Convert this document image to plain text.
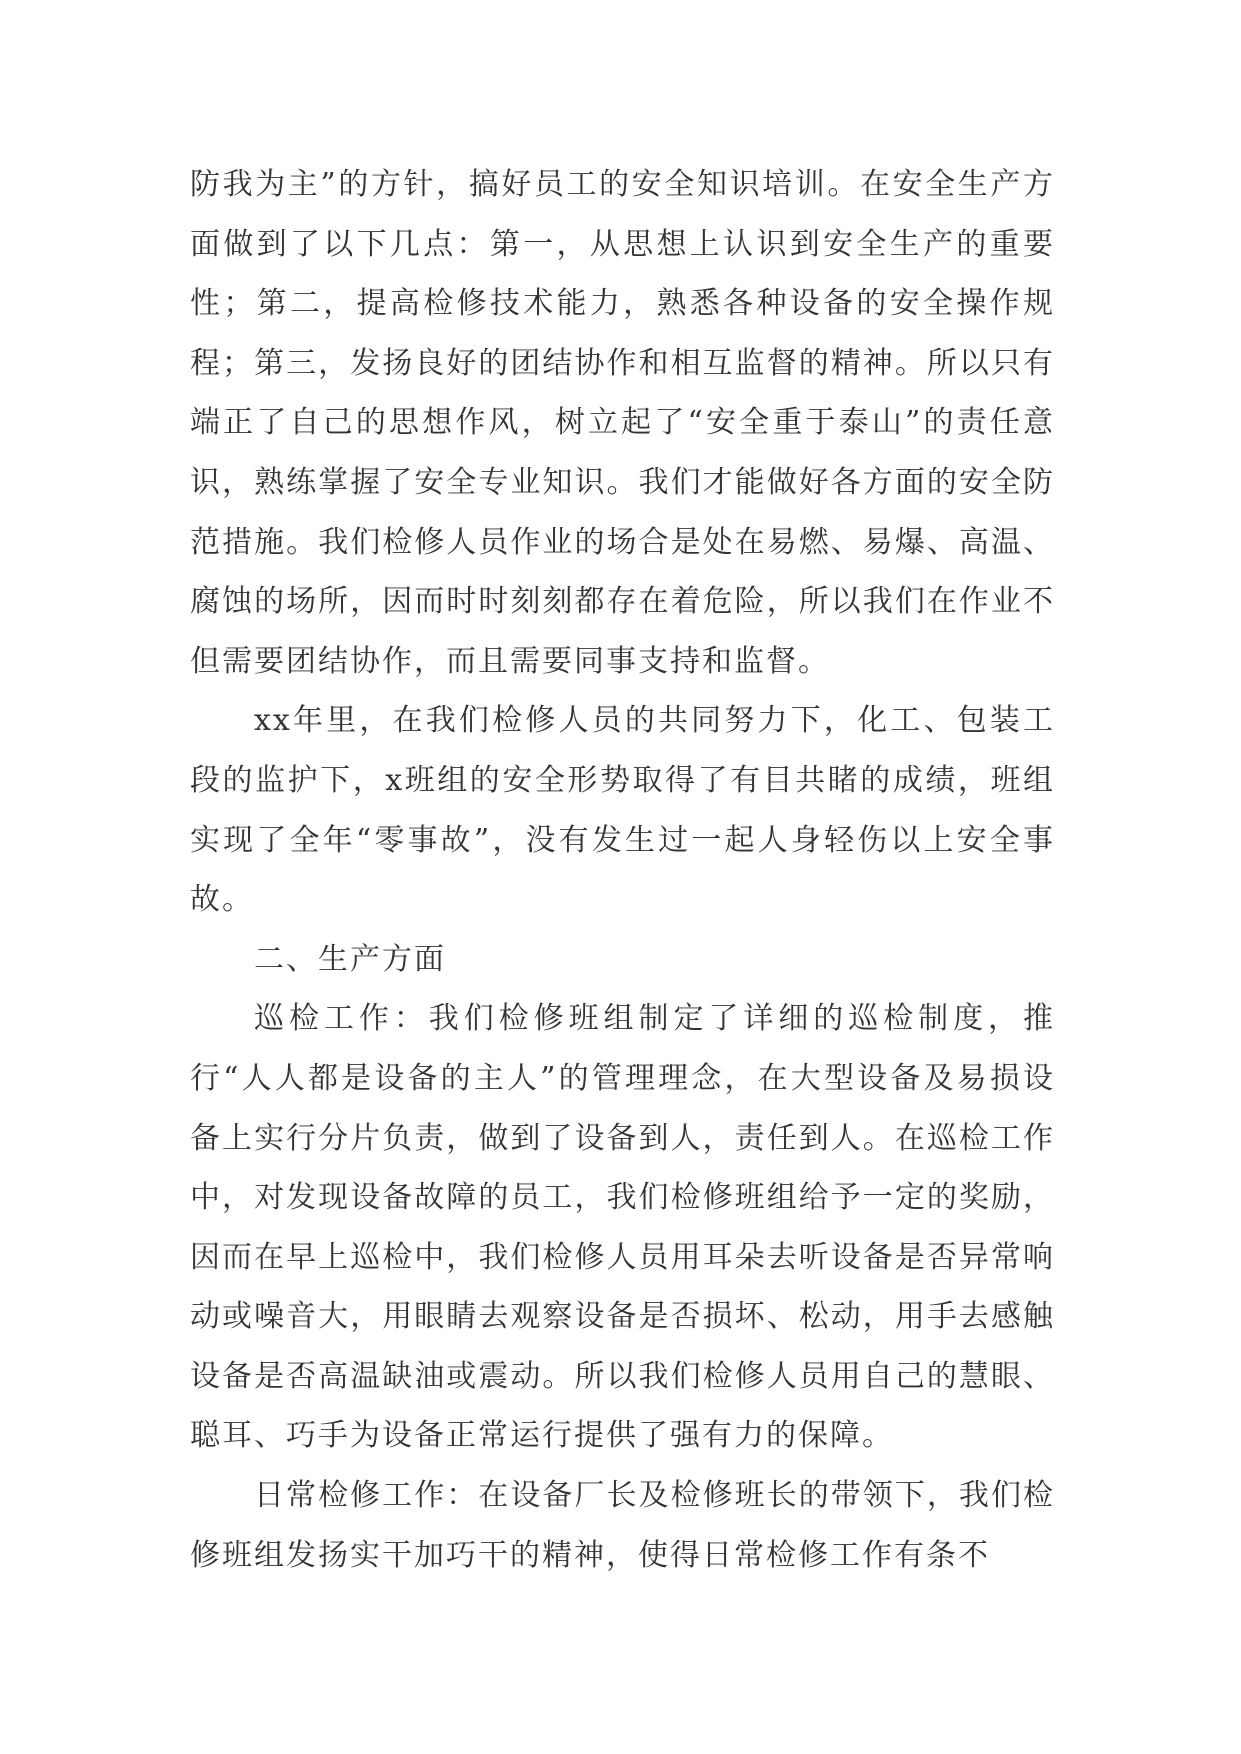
防我为主”的方针，搞好员工的安全知识培训。在安全生产方面做到了以下几点：第一，从思想上认识到安全生产的重要性；第二，提高检修技术能力，熟悉各种设备的安全操作规程；第三，发扬良好的团结协作和相互监督的精神。所以只有端正了自己的思想作风，树立起了“安全重于泰山”的责任意识，熟练掌握了安全专业知识。我们才能做好各方面的安全防范措施。我们检修人员作业的场合是处在易燃、易爆、高温、腐蚀的场所，因而时时刻刻都存在着危险，所以我们在作业不但需要团结协作，而且需要同事支持和监督。

xx年里，在我们检修人员的共同努力下，化工、包装工段的监护下，x班组的安全形势取得了有目共睹的成绩，班组实现了全年“零事故”，没有发生过一起人身轻伤以上安全事故。

二、生产方面

巡检工作：我们检修班组制定了详细的巡检制度，推行“人人都是设备的主人”的管理理念，在大型设备及易损设备上实行分片负责，做到了设备到人，责任到人。在巡检工作中，对发现设备故障的员工，我们检修班组给予一定的奖励，因而在早上巡检中，我们检修人员用耳朵去听设备是否异常响动或噪音大，用眼睛去观察设备是否损坏、松动，用手去感触设备是否高温缺油或震动。所以我们检修人员用自己的慧眼、聪耳、巧手为设备正常运行提供了强有力的保障。

日常检修工作：在设备厂长及检修班长的带领下，我们检修班组发扬实干加巧干的精神，使得日常检修工作有条不
